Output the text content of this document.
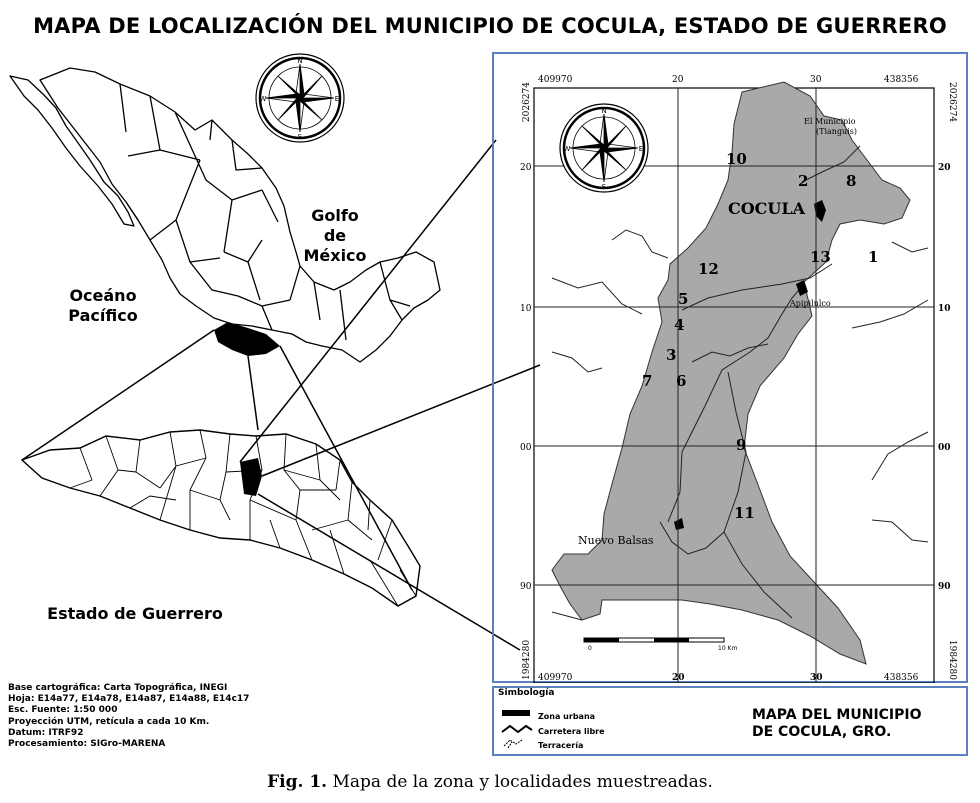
MAPA DE LOCALIZACIÓN DEL MUNICIPIO DE COCULA, ESTADO DE GUERRERO
N
S
E
W
Golfo
de
México
Oceáno
Pacífico
Estado de Guerrero
N
S
E
W
El Municipio
(Tianguis)
Apipilulco
Nuevo Balsas
COCULA
1
2
3
4
5
6
7
8
9
10
11
12
13
409970	438356
409970	438356
20	30
20	30
20
10
00
90
20
10
00
90
2026274	2026274
1984280	1984280
0	10 Km
Simbología
Zona urbana
Carretera libre
Terracería
MAPA DEL MUNICIPIO
DE COCULA, GRO.
Base cartográfica: Carta Topográfica, INEGI
Hoja: E14a77, E14a78, E14a87, E14a88, E14c17
Esc. Fuente: 1:50 000
Proyección UTM, retícula a cada 10 Km.
Datum: ITRF92
Procesamiento: SIGro-MARENA
Fig. 1. Mapa de la zona y localidades muestreadas.
